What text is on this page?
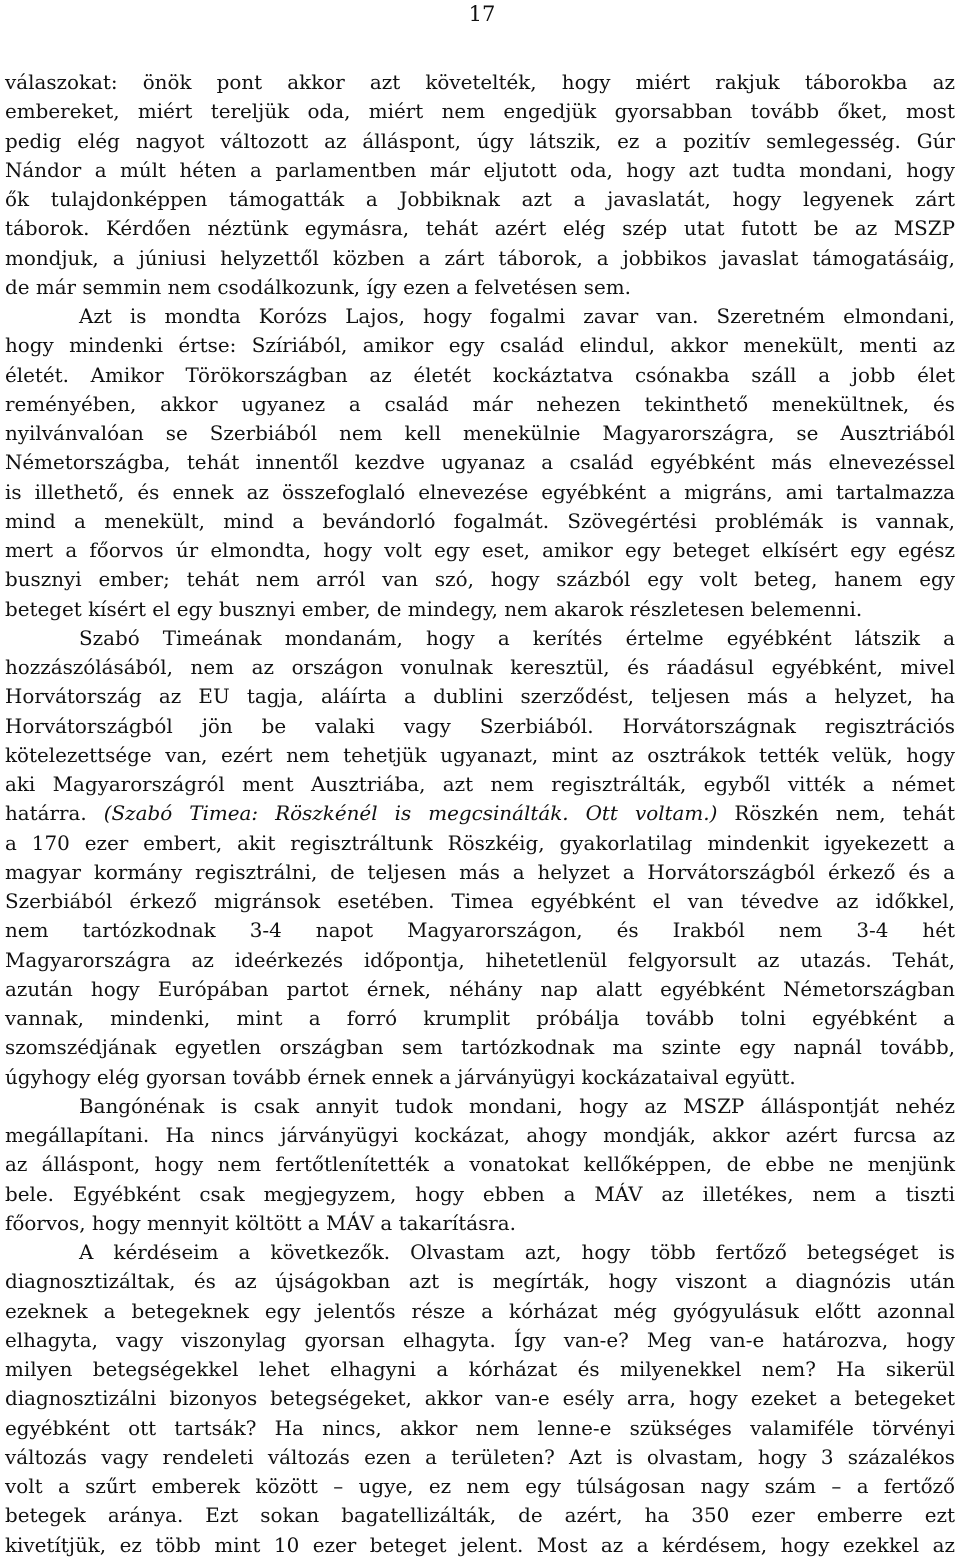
17
válaszokat: önök pont akkor azt követelték, hogy miért rakjuk táborokba az
embereket, miért tereljük oda, miért nem engedjük gyorsabban tovább őket, most
pedig elég nagyot változott az álláspont, úgy látszik, ez a pozitív semlegesség. Gúr
Nándor a múlt héten a parlamentben már eljutott oda, hogy azt tudta mondani, hogy
ők tulajdonképpen támogatták a Jobbiknak azt a javaslatát, hogy legyenek zárt
táborok. Kérdően néztünk egymásra, tehát azért elég szép utat futott be az MSZP
mondjuk, a júniusi helyzettől közben a zárt táborok, a jobbikos javaslat támogatásáig,
de már semmin nem csodálkozunk, így ezen a felvetésen sem.
Azt is mondta Korózs Lajos, hogy fogalmi zavar van. Szeretném elmondani,
hogy mindenki értse: Szíriából, amikor egy család elindul, akkor menekült, menti az
életét. Amikor Törökországban az életét kockáztatva csónakba száll a jobb élet
reményében, akkor ugyanez a család már nehezen tekinthető menekültnek, és
nyilvánvalóan se Szerbiából nem kell menekülnie Magyarországra, se Ausztriából
Németországba, tehát innentől kezdve ugyanaz a család egyébként más elnevezéssel
is illethető, és ennek az összefoglaló elnevezése egyébként a migráns, ami tartalmazza
mind a menekült, mind a bevándorló fogalmát. Szövegértési problémák is vannak,
mert a főorvos úr elmondta, hogy volt egy eset, amikor egy beteget elkísért egy egész
busznyi ember; tehát nem arról van szó, hogy százból egy volt beteg, hanem egy
beteget kísért el egy busznyi ember, de mindegy, nem akarok részletesen belemenni.
Szabó Timeának mondanám, hogy a kerítés értelme egyébként látszik a
hozzászólásából, nem az országon vonulnak keresztül, és ráadásul egyébként, mivel
Horvátország az EU tagja, aláírta a dublini szerződést, teljesen más a helyzet, ha
Horvátországból jön be valaki vagy Szerbiából. Horvátországnak regisztrációs
kötelezettsége van, ezért nem tehetjük ugyanazt, mint az osztrákok tették velük, hogy
aki Magyarországról ment Ausztriába, azt nem regisztrálták, egyből vitték a német
határra. (Szabó Timea: Röszkénél is megcsinálták. Ott voltam.) Röszkén nem, tehát
a 170 ezer embert, akit regisztráltunk Röszkéig, gyakorlatilag mindenkit igyekezett a
magyar kormány regisztrálni, de teljesen más a helyzet a Horvátországból érkező és a
Szerbiából érkező migránsok esetében. Timea egyébként el van tévedve az időkkel,
nem tartózkodnak 3-4 napot Magyarországon, és Irakból nem 3-4 hét
Magyarországra az ideérkezés időpontja, hihetetlenül felgyorsult az utazás. Tehát,
azután hogy Európában partot érnek, néhány nap alatt egyébként Németországban
vannak, mindenki, mint a forró krumplit próbálja tovább tolni egyébként a
szomszédjának egyetlen országban sem tartózkodnak ma szinte egy napnál tovább,
úgyhogy elég gyorsan tovább érnek ennek a járványügyi kockázataival együtt.
Bangónénak is csak annyit tudok mondani, hogy az MSZP álláspontját nehéz
megállapítani. Ha nincs járványügyi kockázat, ahogy mondják, akkor azért furcsa az
az álláspont, hogy nem fertőtlenítették a vonatokat kellőképpen, de ebbe ne menjünk
bele. Egyébként csak megjegyzem, hogy ebben a MÁV az illetékes, nem a tiszti
főorvos, hogy mennyit költött a MÁV a takarításra.
A kérdéseim a következők. Olvastam azt, hogy több fertőző betegséget is
diagnosztizáltak, és az újságokban azt is megírták, hogy viszont a diagnózis után
ezeknek a betegeknek egy jelentős része a kórházat még gyógyulásuk előtt azonnal
elhagyta, vagy viszonylag gyorsan elhagyta. Így van-e? Meg van-e határozva, hogy
milyen betegségekkel lehet elhagyni a kórházat és milyenekkel nem? Ha sikerül
diagnosztizálni bizonyos betegségeket, akkor van-e esély arra, hogy ezeket a betegeket
egyébként ott tartsák? Ha nincs, akkor nem lenne-e szükséges valamiféle törvényi
változás vagy rendeleti változás ezen a területen? Azt is olvastam, hogy 3 százalékos
volt a szűrt emberek között – ugye, ez nem egy túlságosan nagy szám – a fertőző
betegek aránya. Ezt sokan bagatellizálták, de azért, ha 350 ezer emberre ezt
kivetítjük, ez több mint 10 ezer beteget jelent. Most az a kérdésem, hogy ezekkel az
